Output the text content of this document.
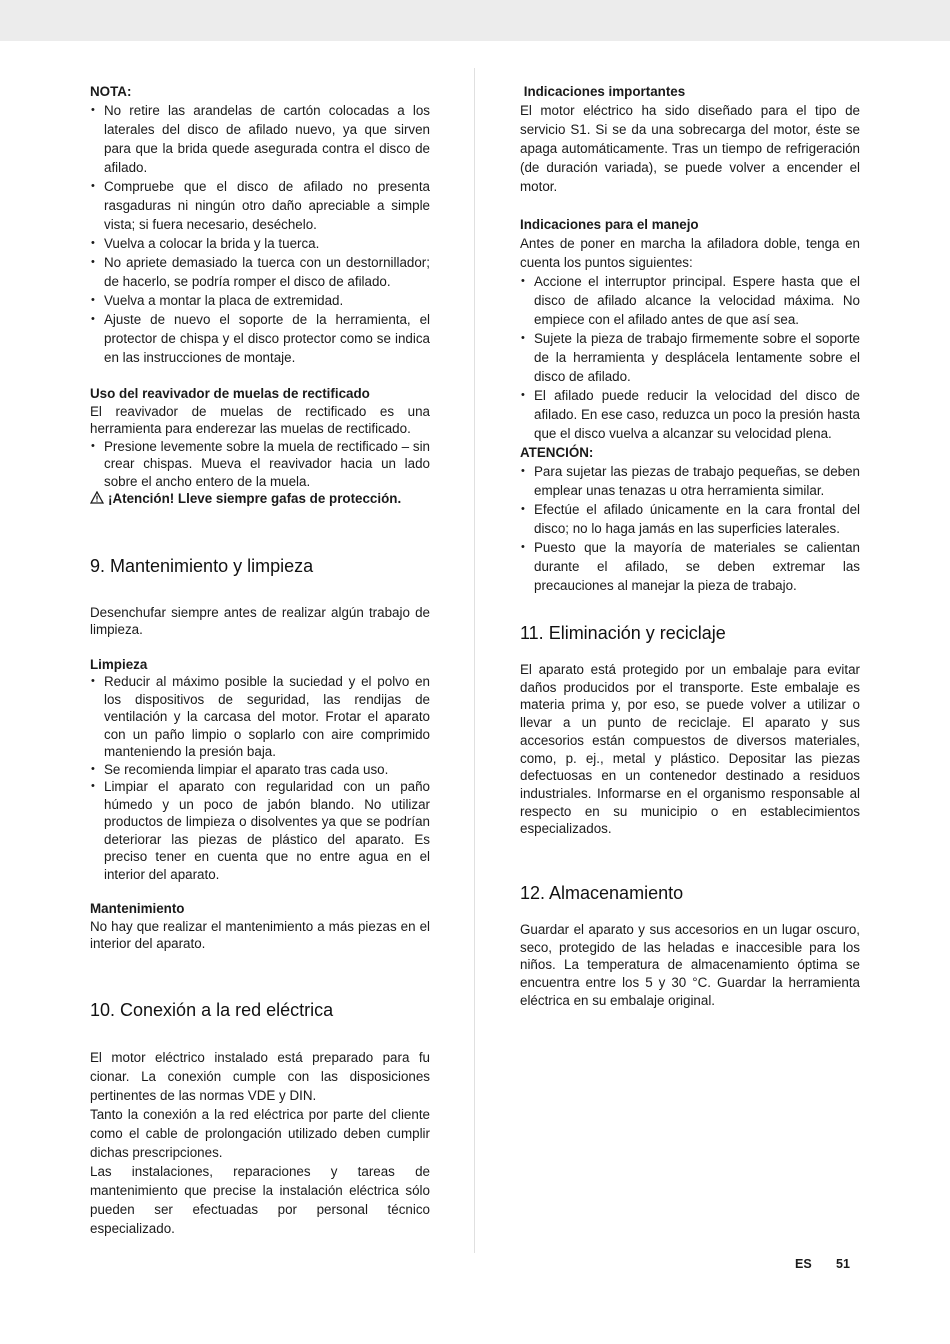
NOTA:

• No retire las arandelas de cartón colocadas a los laterales del disco de afilado nuevo, ya que sirven para que la brida quede asegurada contra el disco de afilado.
• Compruebe que el disco de afilado no presenta rasgaduras ni ningún otro daño apreciable a simple vista; si fuera necesario, deséchelo.
• Vuelva a colocar la brida y la tuerca.
• No apriete demasiado la tuerca con un destornillador; de hacerlo, se podría romper el disco de afilado.
• Vuelva a montar la placa de extremidad.
• Ajuste de nuevo el soporte de la herramienta, el protector de chispa y el disco protector como se indica en las instrucciones de montaje.

Uso del reavivador de muelas de rectificado

El reavivador de muelas de rectificado es una herramienta para enderezar las muelas de rectificado.

• Presione levemente sobre la muela de rectificado – sin crear chispas. Mueva el reavivador hacia un lado sobre el ancho entero de la muela.

¡Atención! Lleve siempre gafas de protección.

9. Mantenimiento y limpieza

Desenchufar siempre antes de realizar algún trabajo de limpieza.

Limpieza

• Reducir al máximo posible la suciedad y el polvo en los dispositivos de seguridad, las rendijas de ventilación y la carcasa del motor. Frotar el aparato con un paño limpio o soplarlo con aire comprimido manteniendo la presión baja.
• Se recomienda limpiar el aparato tras cada uso.
• Limpiar el aparato con regularidad con un paño húmedo y un poco de jabón blando. No utilizar productos de limpieza o disolventes ya que se podrían deteriorar las piezas de plástico del aparato. Es preciso tener en cuenta que no entre agua en el interior del aparato.

Mantenimiento

No hay que realizar el mantenimiento a más piezas en el interior del aparato.

10. Conexión a la red eléctrica

El motor eléctrico instalado está preparado para fu cionar. La conexión cumple con las disposiciones pertinentes de las normas VDE y DIN.

Tanto la conexión a la red eléctrica por parte del cliente como el cable de prolongación utilizado deben cumplir dichas prescripciones.

Las instalaciones, reparaciones y tareas de mantenimiento que precise la instalación eléctrica sólo pueden ser efectuadas por personal técnico especializado.

Indicaciones importantes

El motor eléctrico ha sido diseñado para el tipo de servicio S1. Si se da una sobrecarga del motor, éste se apaga automáticamente. Tras un tiempo de refrigeración (de duración variada), se puede volver a encender el motor.

Indicaciones para el manejo

Antes de poner en marcha la afiladora doble, tenga en cuenta los puntos siguientes:

• Accione el interruptor principal. Espere hasta que el disco de afilado alcance la velocidad máxima. No empiece con el afilado antes de que así sea.
• Sujete la pieza de trabajo firmemente sobre el soporte de la herramienta y desplácela lentamente sobre el disco de afilado.
• El afilado puede reducir la velocidad del disco de afilado. En ese caso, reduzca un poco la presión hasta que el disco vuelva a alcanzar su velocidad plena.

ATENCIÓN:

• Para sujetar las piezas de trabajo pequeñas, se deben emplear unas tenazas u otra herramienta similar.
• Efectúe el afilado únicamente en la cara frontal del disco; no lo haga jamás en las superficies laterales.
• Puesto que la mayoría de materiales se calientan durante el afilado, se deben extremar las precauciones al manejar la pieza de trabajo.
11. Eliminación y reciclaje

El aparato está protegido por un embalaje para evitar daños producidos por el transporte. Este embalaje es materia prima y, por eso, se puede volver a utilizar o llevar a un punto de reciclaje. El aparato y sus accesorios están compuestos de diversos materiales, como, p. ej., metal y plástico. Depositar las piezas defectuosas en un contenedor destinado a residuos industriales. Informarse en el organismo responsable al respecto en su municipio o en establecimientos especializados.

12. Almacenamiento

Guardar el aparato y sus accesorios en un lugar oscuro, seco, protegido de las heladas e inaccesible para los niños. La temperatura de almacenamiento óptima se encuentra entre los 5 y 30 °C. Guardar la herramienta eléctrica en su embalaje original.

ES 51
